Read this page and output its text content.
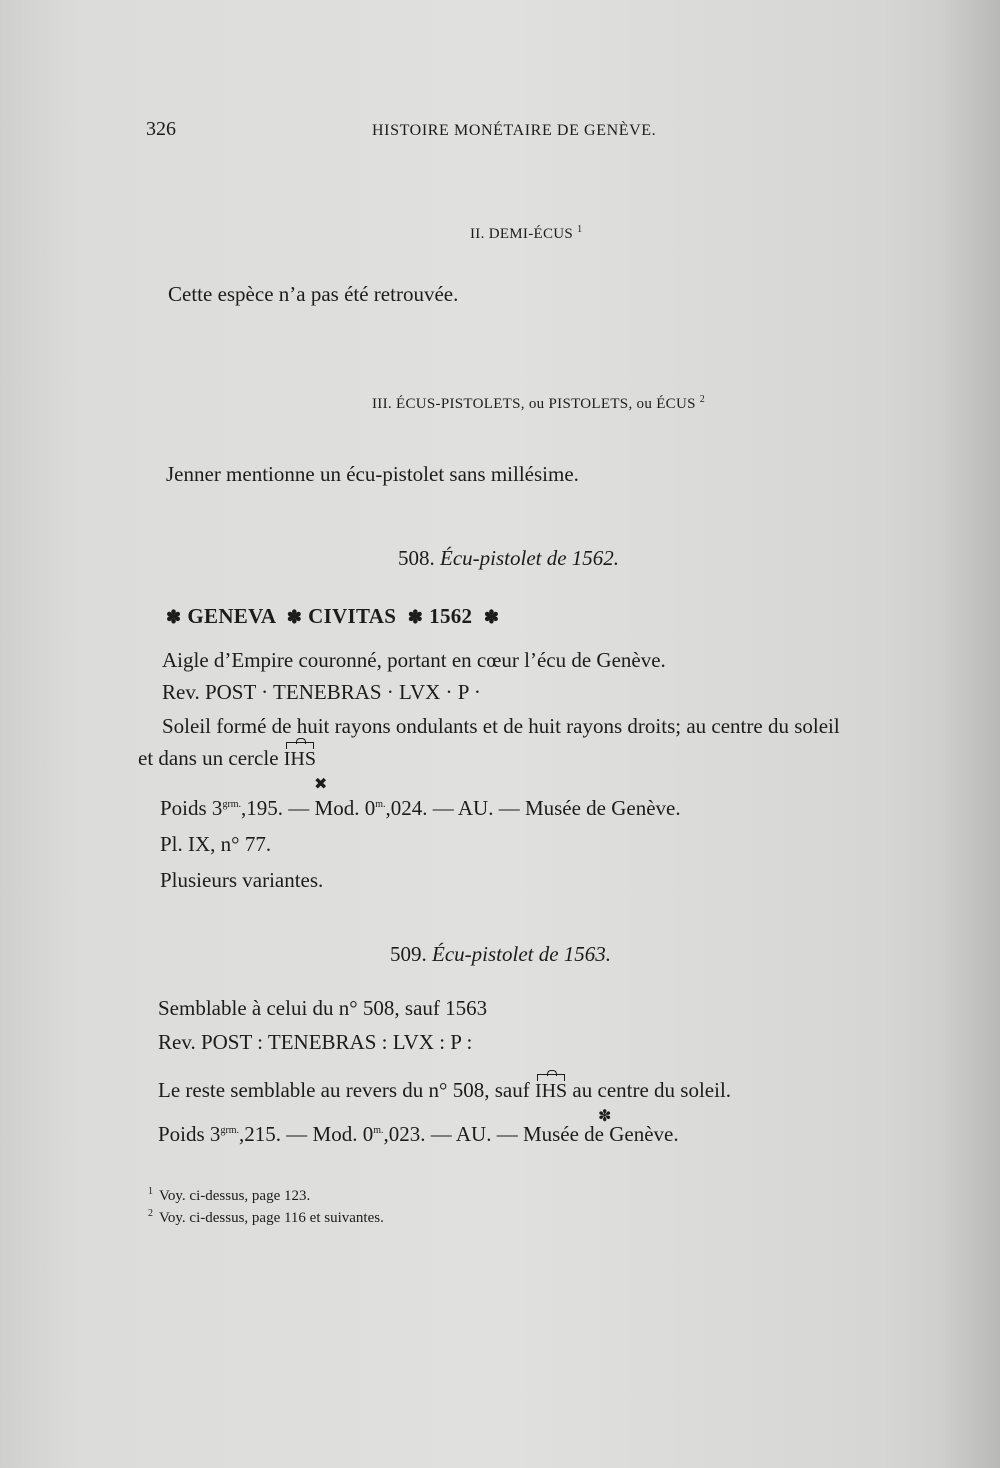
326	HISTOIRE MONÉTAIRE DE GENÈVE.
II. DEMI-ÉCUS $^1$
Cette espèce n’a pas été retrouvée.
III. ÉCUS-PISTOLETS, ou PISTOLETS, ou ÉCUS $^2$
Jenner mentionne un écu-pistolet sans millésime.
508. Écu-pistolet de 1562.
✽ GENEVA ✽ CIVITAS ✽ 1562 ✽
Aigle d’Empire couronné, portant en cœur l’écu de Genève.
Rev. POST · TENEBRAS · LVX · P ·
Soleil formé de huit rayons ondulants et de huit rayons droits; au centre du soleil
et dans un cercle IHS
✖
Poids $3^{grm.},195$. — Mod. $0^{m.},024$. — AU. — Musée de Genève.
Pl. IX, n° 77.
Plusieurs variantes.
509. Écu-pistolet de 1563.
Semblable à celui du n° 508, sauf 1563
Rev. POST : TENEBRAS : LVX : P :
Le reste semblable au revers du n° 508, sauf IHS au centre du soleil.
✽
Poids $3^{grm.},215$. — Mod. $0^{m.},023$. — AU. — Musée de Genève.
$^1$ Voy. ci-dessus, page 123.
$^2$ Voy. ci-dessus, page 116 et suivantes.
